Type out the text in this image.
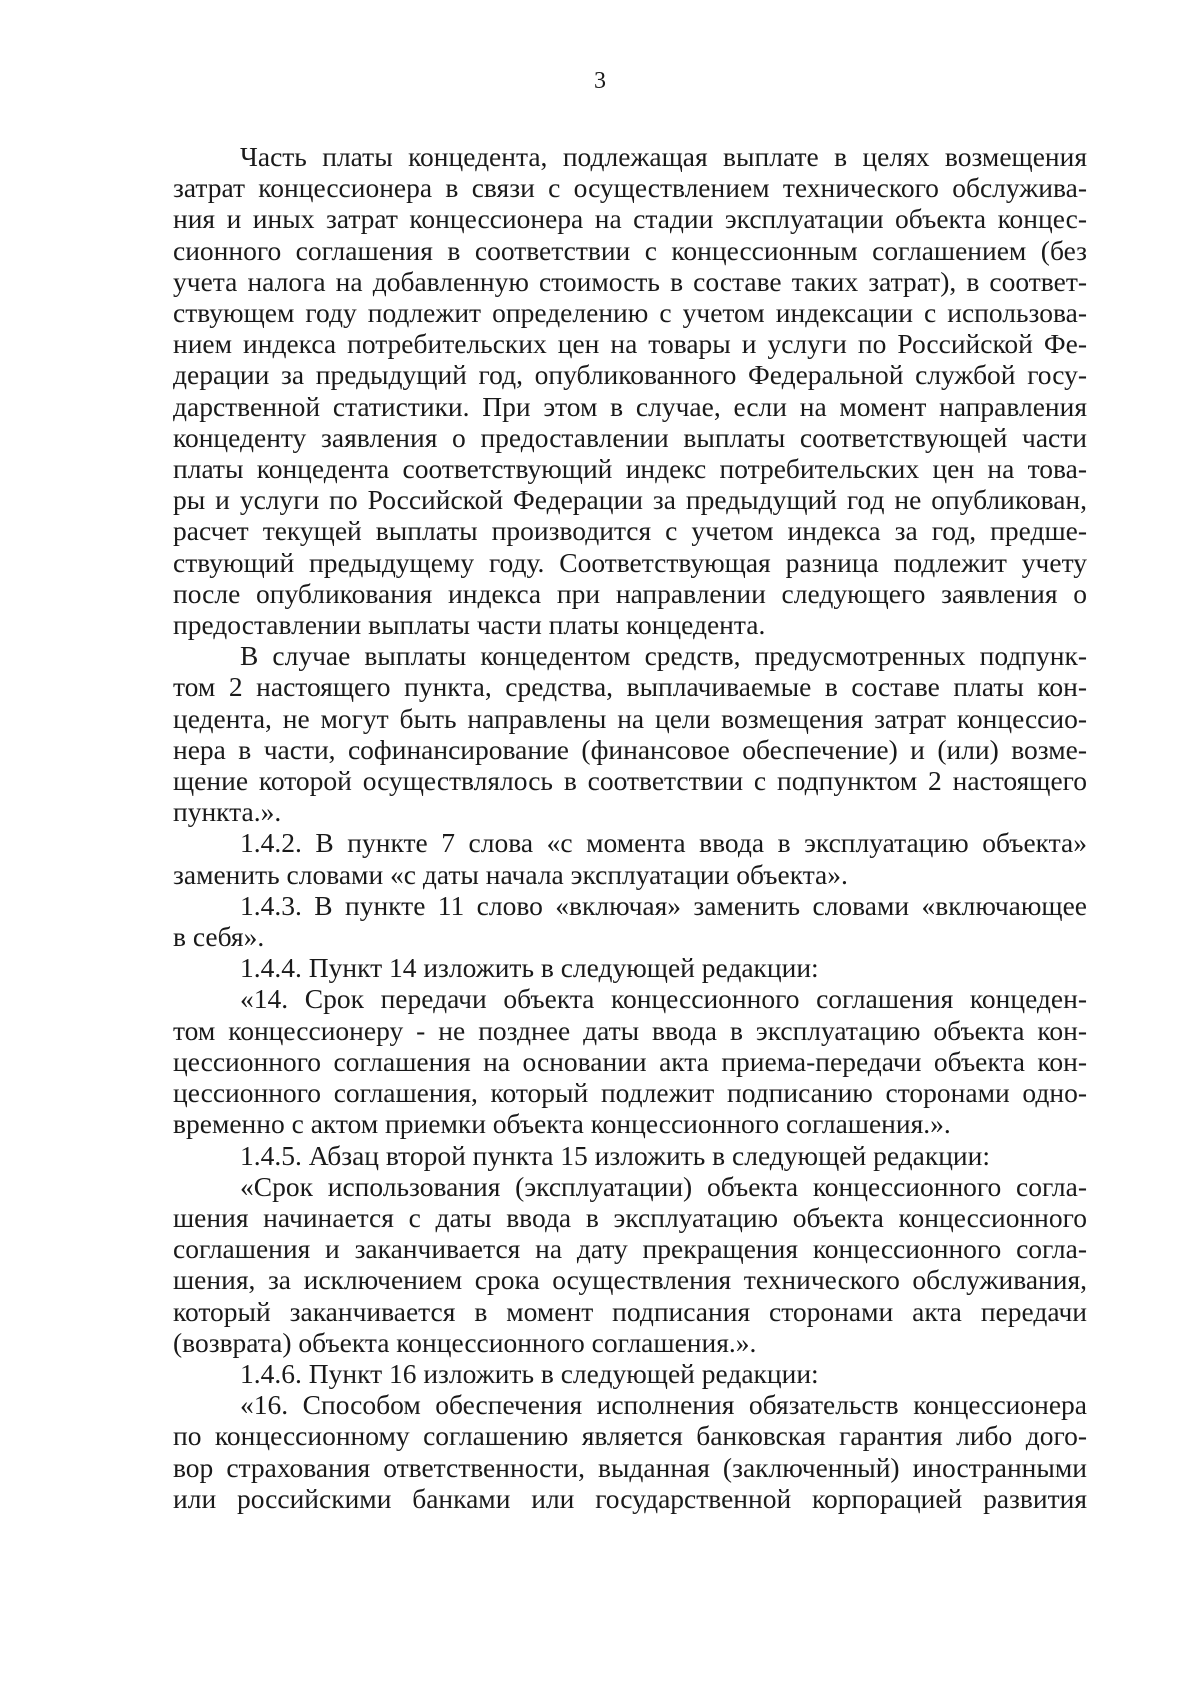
3
Часть платы концедента, подлежащая выплате в целях возмещения
затрат концессионера в связи с осуществлением технического обслужива-
ния и иных затрат концессионера на стадии эксплуатации объекта концес-
сионного соглашения в соответствии с концессионным соглашением (без
учета налога на добавленную стоимость в составе таких затрат), в соответ-
ствующем году подлежит определению с учетом индексации с использова-
нием индекса потребительских цен на товары и услуги по Российской Фе-
дерации за предыдущий год, опубликованного Федеральной службой госу-
дарственной статистики. При этом в случае, если на момент направления
концеденту заявления о предоставлении выплаты соответствующей части
платы концедента соответствующий индекс потребительских цен на това-
ры и услуги по Российской Федерации за предыдущий год не опубликован,
расчет текущей выплаты производится с учетом индекса за год, предше-
ствующий предыдущему году. Соответствующая разница подлежит учету
после опубликования индекса при направлении следующего заявления о
предоставлении выплаты части платы концедента.
В случае выплаты концедентом средств, предусмотренных подпунк-
том 2 настоящего пункта, средства, выплачиваемые в составе платы кон-
цедента, не могут быть направлены на цели возмещения затрат концессио-
нера в части, софинансирование (финансовое обеспечение) и (или) возме-
щение которой осуществлялось в соответствии с подпунктом 2 настоящего
пункта.».
1.4.2. В пункте 7 слова «с момента ввода в эксплуатацию объекта»
заменить словами «с даты начала эксплуатации объекта».
1.4.3. В пункте 11 слово «включая» заменить словами «включающее
в себя».
1.4.4. Пункт 14 изложить в следующей редакции:
«14. Срок передачи объекта концессионного соглашения концеден-
том концессионеру - не позднее даты ввода в эксплуатацию объекта кон-
цессионного соглашения на основании акта приема-передачи объекта кон-
цессионного соглашения, который подлежит подписанию сторонами одно-
временно с актом приемки объекта концессионного соглашения.».
1.4.5. Абзац второй пункта 15 изложить в следующей редакции:
«Срок использования (эксплуатации) объекта концессионного согла-
шения начинается с даты ввода в эксплуатацию объекта концессионного
соглашения и заканчивается на дату прекращения концессионного согла-
шения, за исключением срока осуществления технического обслуживания,
который заканчивается в момент подписания сторонами акта передачи
(возврата) объекта концессионного соглашения.».
1.4.6. Пункт 16 изложить в следующей редакции:
«16. Способом обеспечения исполнения обязательств концессионера
по концессионному соглашению является банковская гарантия либо дого-
вор страхования ответственности, выданная (заключенный) иностранными
или российскими банками или государственной корпорацией развития
